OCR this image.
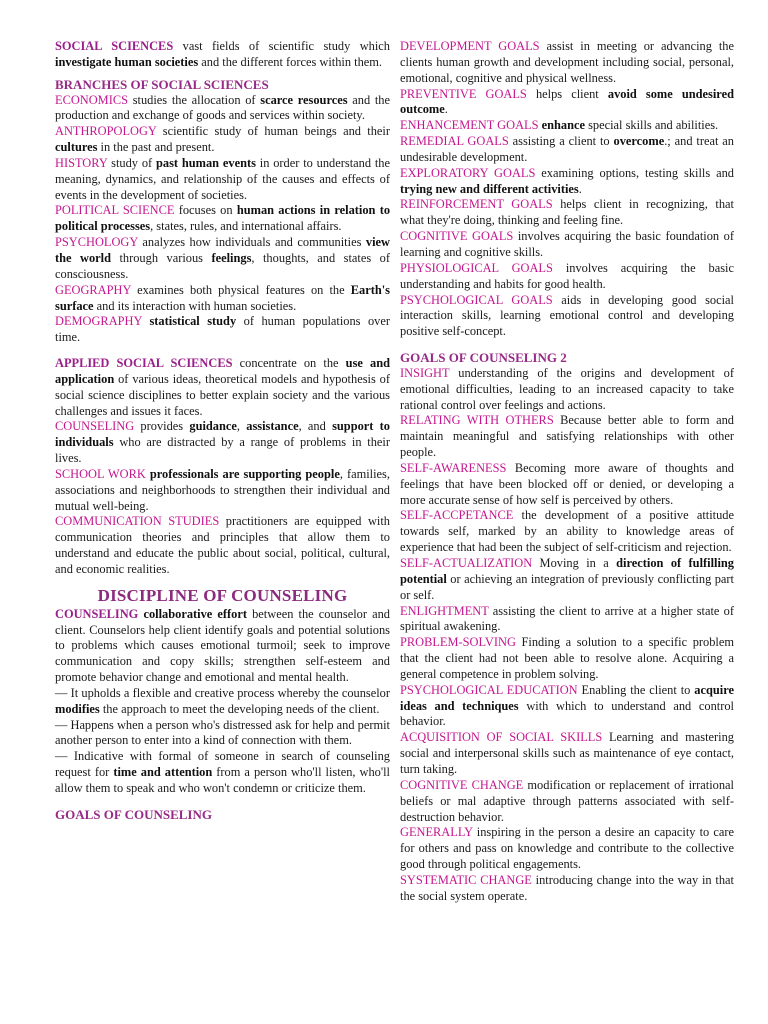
SOCIAL SCIENCES vast fields of scientific study which investigate human societies and the different forces within them.

BRANCHES OF SOCIAL SCIENCES

ECONOMICS studies the allocation of scarce resources and the production and exchange of goods and services within society.

ANTHROPOLOGY scientific study of human beings and their cultures in the past and present.

HISTORY study of past human events in order to understand the meaning, dynamics, and relationship of the causes and effects of events in the development of societies.

POLITICAL SCIENCE focuses on human actions in relation to political processes, states, rules, and international affairs.

PSYCHOLOGY analyzes how individuals and communities view the world through various feelings, thoughts, and states of consciousness.

GEOGRAPHY examines both physical features on the Earth's surface and its interaction with human societies.

DEMOGRAPHY statistical study of human populations over time.

APPLIED SOCIAL SCIENCES concentrate on the use and application of various ideas, theoretical models and hypothesis of social science disciplines to better explain society and the various challenges and issues it faces.

COUNSELING provides guidance, assistance, and support to individuals who are distracted by a range of problems in their lives.

SCHOOL WORK professionals are supporting people, families, associations and neighborhoods to strengthen their individual and mutual well-being.

COMMUNICATION STUDIES practitioners are equipped with communication theories and principles that allow them to understand and educate the public about social, political, cultural, and economic realities.

DISCIPLINE OF COUNSELING

COUNSELING collaborative effort between the counselor and client. Counselors help client identify goals and potential solutions to problems which causes emotional turmoil; seek to improve communication and copy skills; strengthen self-esteem and promote behavior change and emotional and mental health.

— It upholds a flexible and creative process whereby the counselor modifies the approach to meet the developing needs of the client.

— Happens when a person who's distressed ask for help and permit another person to enter into a kind of connection with them.

— Indicative with formal of someone in search of counseling request for time and attention from a person who'll listen, who'll allow them to speak and who won't condemn or criticize them.

GOALS OF COUNSELING

DEVELOPMENT GOALS assist in meeting or advancing the clients human growth and development including social, personal, emotional, cognitive and physical wellness.

PREVENTIVE GOALS helps client avoid some undesired outcome.

ENHANCEMENT GOALS enhance special skills and abilities.

REMEDIAL GOALS assisting a client to overcome.; and treat an undesirable development.

EXPLORATORY GOALS examining options, testing skills and trying new and different activities.

REINFORCEMENT GOALS helps client in recognizing, that what they're doing, thinking and feeling fine.

COGNITIVE GOALS involves acquiring the basic foundation of learning and cognitive skills.

PHYSIOLOGICAL GOALS involves acquiring the basic understanding and habits for good health.

PSYCHOLOGICAL GOALS aids in developing good social interaction skills, learning emotional control and developing positive self-concept.

GOALS OF COUNSELING 2

INSIGHT understanding of the origins and development of emotional difficulties, leading to an increased capacity to take rational control over feelings and actions.

RELATING WITH OTHERS Because better able to form and maintain meaningful and satisfying relationships with other people.

SELF-AWARENESS Becoming more aware of thoughts and feelings that have been blocked off or denied, or developing a more accurate sense of how self is perceived by others.

SELF-ACCPETANCE the development of a positive attitude towards self, marked by an ability to knowledge areas of experience that had been the subject of self-criticism and rejection.

SELF-ACTUALIZATION Moving in a direction of fulfilling potential or achieving an integration of previously conflicting part or self.

ENLIGHTMENT assisting the client to arrive at a higher state of spiritual awakening.

PROBLEM-SOLVING Finding a solution to a specific problem that the client had not been able to resolve alone. Acquiring a general competence in problem solving.

PSYCHOLOGICAL EDUCATION Enabling the client to acquire ideas and techniques with which to understand and control behavior.

ACQUISITION OF SOCIAL SKILLS Learning and mastering social and interpersonal skills such as maintenance of eye contact, turn taking.

COGNITIVE CHANGE modification or replacement of irrational beliefs or mal adaptive through patterns associated with self-destruction behavior.

GENERALLY inspiring in the person a desire an capacity to care for others and pass on knowledge and contribute to the collective good through political engagements.

SYSTEMATIC CHANGE introducing change into the way in that the social system operate.
